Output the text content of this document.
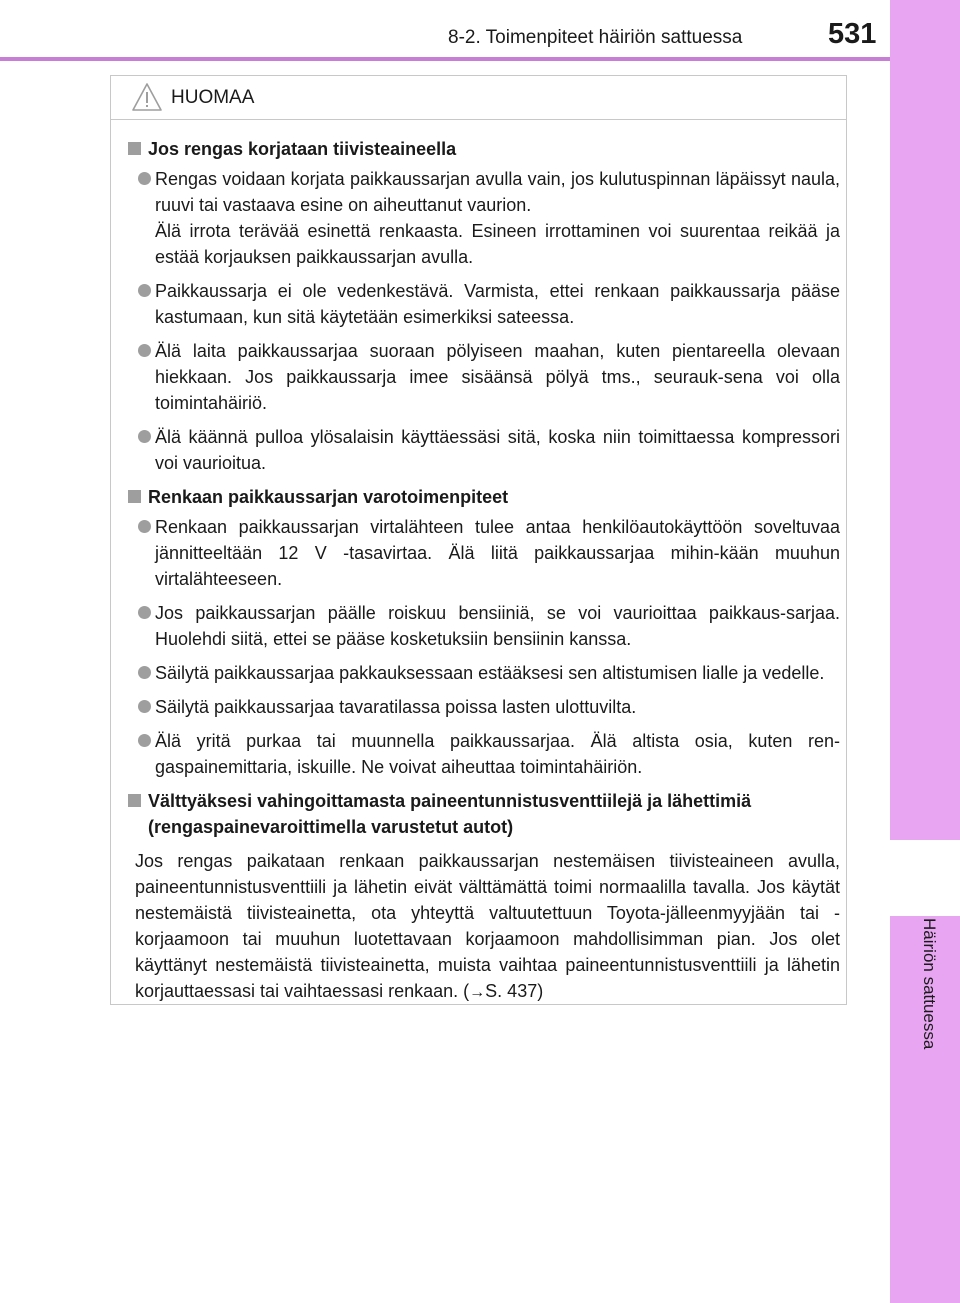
8
Häiriön sattuessa
8-2. Toimenpiteet häiriön sattuessa	531
HUOMAA
Jos rengas korjataan tiivisteaineella
Rengas voidaan korjata paikkaussarjan avulla vain, jos kulutuspinnan läpäissyt naula, ruuvi tai vastaava esine on aiheuttanut vaurion.
Älä irrota terävää esinettä renkaasta. Esineen irrottaminen voi suurentaa reikää ja estää korjauksen paikkaussarjan avulla.
Paikkaussarja ei ole vedenkestävä. Varmista, ettei renkaan paikkaussarja pääse kastumaan, kun sitä käytetään esimerkiksi sateessa.
Älä laita paikkaussarjaa suoraan pölyiseen maahan, kuten pientareella olevaan hiekkaan. Jos paikkaussarja imee sisäänsä pölyä tms., seurauk-sena voi olla toimintahäiriö.
Älä käännä pulloa ylösalaisin käyttäessäsi sitä, koska niin toimittaessa kompressori voi vaurioitua.
Renkaan paikkaussarjan varotoimenpiteet
Renkaan paikkaussarjan virtalähteen tulee antaa henkilöautokäyttöön soveltuvaa jännitteeltään 12 V -tasavirtaa. Älä liitä paikkaussarjaa mihin-kään muuhun virtalähteeseen.
Jos paikkaussarjan päälle roiskuu bensiiniä, se voi vaurioittaa paikkaus-sarjaa. Huolehdi siitä, ettei se pääse kosketuksiin bensiinin kanssa.
Säilytä paikkaussarjaa pakkauksessaan estääksesi sen altistumisen lialle ja vedelle.
Säilytä paikkaussarjaa tavaratilassa poissa lasten ulottuvilta.
Älä yritä purkaa tai muunnella paikkaussarjaa. Älä altista osia, kuten ren-gaspainemittaria, iskuille. Ne voivat aiheuttaa toimintahäiriön.
Välttyäksesi vahingoittamasta paineentunnistusventtiilejä ja lähettimiä (rengaspainevaroittimella varustetut autot)
Jos rengas paikataan renkaan paikkaussarjan nestemäisen tiivisteaineen avulla, paineentunnistusventtiili ja lähetin eivät välttämättä toimi normaalilla tavalla. Jos käytät nestemäistä tiivisteainetta, ota yhteyttä valtuutettuun Toyota-jälleenmyyjään tai -korjaamoon tai muuhun luotettavaan korjaamoon mahdollisimman pian. Jos olet käyttänyt nestemäistä tiivisteainetta, muista vaihtaa paineentunnistusventtiili ja lähetin korjauttaessasi tai vaihtaessasi renkaan. (→S. 437)
